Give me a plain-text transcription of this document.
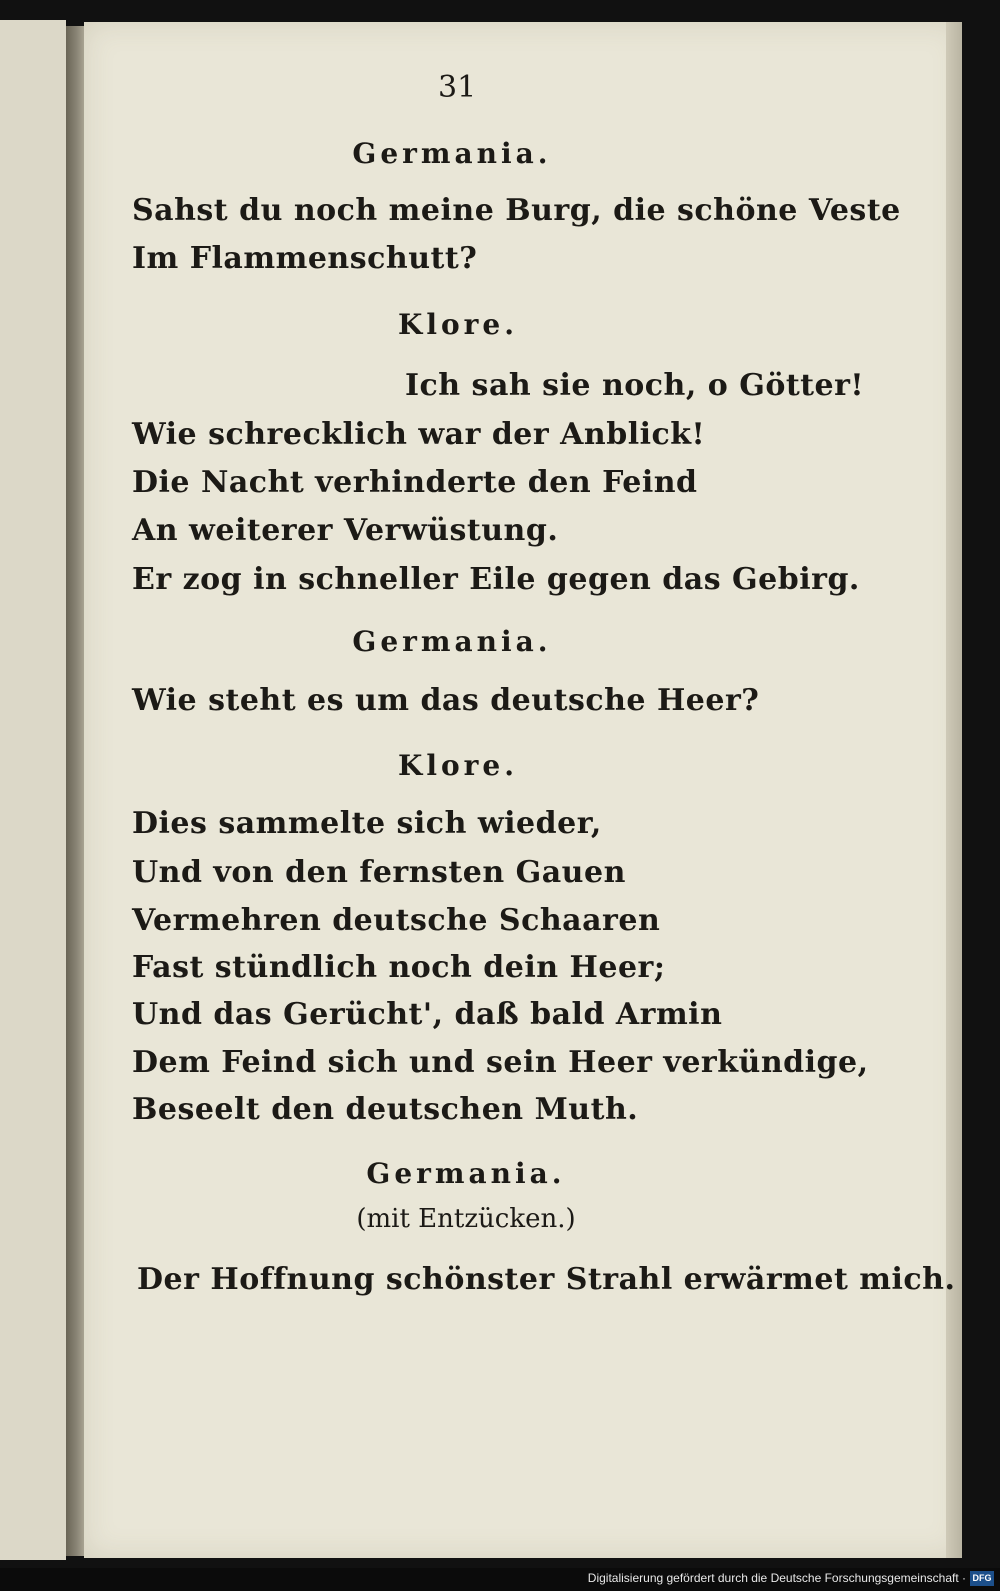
31
Germania.
Sahst du noch meine Burg, die schöne Veste
Im Flammenschutt?
Klore.
Ich sah sie noch, o Götter!
Wie schrecklich war der Anblick!
Die Nacht verhinderte den Feind
An weiterer Verwüstung.
Er zog in schneller Eile gegen das Gebirg.
Germania.
Wie steht es um das deutsche Heer?
Klore.
Dies sammelte sich wieder,
Und von den fernsten Gauen
Vermehren deutsche Schaaren
Fast stündlich noch dein Heer;
Und das Gerücht', daß bald Armin
Dem Feind sich und sein Heer verkündige,
Beseelt den deutschen Muth.
Germania.
(mit Entzücken.)
Der Hoffnung schönster Strahl erwärmet mich.
Digitalisierung gefördert durch die Deutsche Forschungsgemeinschaft · DFG
